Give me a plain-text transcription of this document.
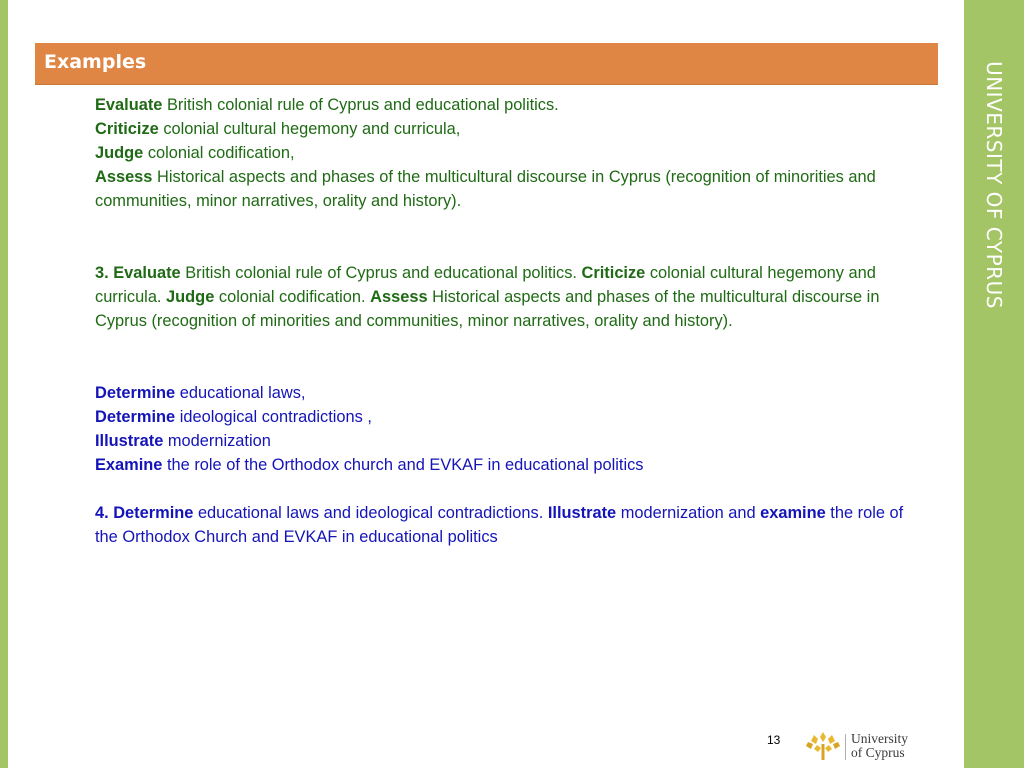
UNIVERSITY OF CYPRUS
Examples

Evaluate British colonial rule of Cyprus and educational politics.

Criticize colonial cultural hegemony and curricula,

Judge colonial codification,

Assess Historical aspects and phases of the multicultural discourse in Cyprus (recognition of minorities and communities, minor narratives, orality and history).

3. Evaluate British colonial rule of Cyprus and educational politics. Criticize colonial cultural hegemony and curricula. Judge colonial codification. Assess Historical aspects and phases of the multicultural discourse in Cyprus (recognition of minorities and communities, minor narratives, orality and history).

Determine educational laws,

Determine ideological contradictions ,

Illustrate modernization

Examine the role of the Orthodox church and EVKAF in educational politics

4. Determine educational laws and ideological contradictions. Illustrate modernization and examine the role of the Orthodox Church and EVKAF in educational politics

13	University
of Cyprus
